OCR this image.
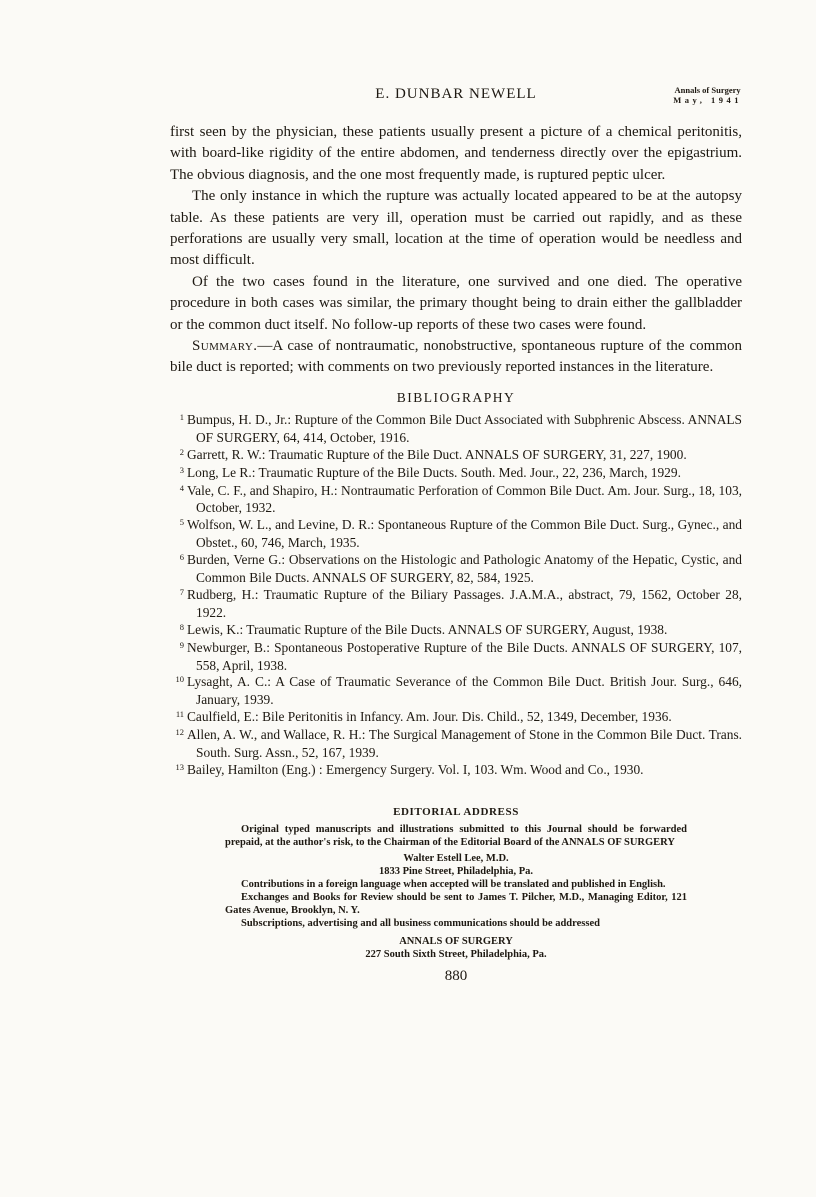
E. DUNBAR NEWELL	Annals of Surgery
May, 1941

first seen by the physician, these patients usually present a picture of a chemical peritonitis, with board-like rigidity of the entire abdomen, and tenderness directly over the epigastrium. The obvious diagnosis, and the one most frequently made, is ruptured peptic ulcer.

The only instance in which the rupture was actually located appeared to be at the autopsy table. As these patients are very ill, operation must be carried out rapidly, and as these perforations are usually very small, location at the time of operation would be needless and most difficult.

Of the two cases found in the literature, one survived and one died. The operative procedure in both cases was similar, the primary thought being to drain either the gallbladder or the common duct itself. No follow-up reports of these two cases were found.

Summary.—A case of nontraumatic, nonobstructive, spontaneous rupture of the common bile duct is reported; with comments on two previously reported instances in the literature.

BIBLIOGRAPHY
$^1$ Bumpus, H. D., Jr.: Rupture of the Common Bile Duct Associated with Subphrenic Abscess. ANNALS OF SURGERY, 64, 414, October, 1916.
$^2$ Garrett, R. W.: Traumatic Rupture of the Bile Duct. ANNALS OF SURGERY, 31, 227, 1900.
$^3$ Long, Le R.: Traumatic Rupture of the Bile Ducts. South. Med. Jour., 22, 236, March, 1929.
$^4$ Vale, C. F., and Shapiro, H.: Nontraumatic Perforation of Common Bile Duct. Am. Jour. Surg., 18, 103, October, 1932.
$^5$ Wolfson, W. L., and Levine, D. R.: Spontaneous Rupture of the Common Bile Duct. Surg., Gynec., and Obstet., 60, 746, March, 1935.
$^6$ Burden, Verne G.: Observations on the Histologic and Pathologic Anatomy of the Hepatic, Cystic, and Common Bile Ducts. ANNALS OF SURGERY, 82, 584, 1925.
$^7$ Rudberg, H.: Traumatic Rupture of the Biliary Passages. J.A.M.A., abstract, 79, 1562, October 28, 1922.
$^8$ Lewis, K.: Traumatic Rupture of the Bile Ducts. ANNALS OF SURGERY, August, 1938.
$^9$ Newburger, B.: Spontaneous Postoperative Rupture of the Bile Ducts. ANNALS OF SURGERY, 107, 558, April, 1938.
$^{10}$ Lysaght, A. C.: A Case of Traumatic Severance of the Common Bile Duct. British Jour. Surg., 646, January, 1939.
$^{11}$ Caulfield, E.: Bile Peritonitis in Infancy. Am. Jour. Dis. Child., 52, 1349, December, 1936.
$^{12}$ Allen, A. W., and Wallace, R. H.: The Surgical Management of Stone in the Common Bile Duct. Trans. South. Surg. Assn., 52, 167, 1939.
$^{13}$ Bailey, Hamilton (Eng.) : Emergency Surgery. Vol. I, 103. Wm. Wood and Co., 1930.
EDITORIAL ADDRESS

Original typed manuscripts and illustrations submitted to this Journal should be forwarded prepaid, at the author's risk, to the Chairman of the Editorial Board of the ANNALS OF SURGERY

Walter Estell Lee, M.D.
1833 Pine Street, Philadelphia, Pa.

Contributions in a foreign language when accepted will be translated and published in English.

Exchanges and Books for Review should be sent to James T. Pilcher, M.D., Managing Editor, 121 Gates Avenue, Brooklyn, N. Y.

Subscriptions, advertising and all business communications should be addressed

ANNALS OF SURGERY
227 South Sixth Street, Philadelphia, Pa.
880
